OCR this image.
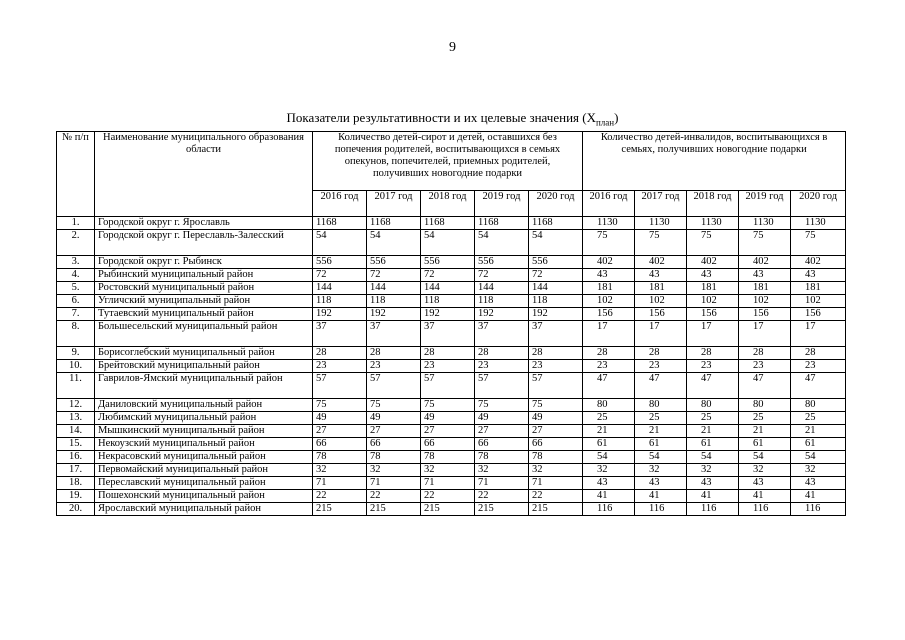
9
Показатели результативности и их целевые значения $(X_{план})$
№ п/п	Наименование муниципального образования области	Количество детей-сирот и детей, оставшихся без попечения родителей, воспитывающихся в семьях опекунов, попечителей, приемных родителей, получивших новогодние подарки					Количество детей-инвалидов, воспитывающихся в семьях, получивших новогодние подарки				
		2016 год	2017 год	2018 год	2019 год	2020 год	2016 год	2017 год	2018 год	2019 год	2020 год
1.	Городской округ г. Ярославль	1168	1168	1168	1168	1168	1130	1130	1130	1130	1130
2.	Городской округ г. Переславль-Залесский	54	54	54	54	54	75	75	75	75	75
3.	Городской округ г. Рыбинск	556	556	556	556	556	402	402	402	402	402
4.	Рыбинский муниципальный район	72	72	72	72	72	43	43	43	43	43
5.	Ростовский муниципальный район	144	144	144	144	144	181	181	181	181	181
6.	Угличский муниципальный район	118	118	118	118	118	102	102	102	102	102
7.	Тутаевский муниципальный район	192	192	192	192	192	156	156	156	156	156
8.	Большесельский муниципальный район	37	37	37	37	37	17	17	17	17	17
9.	Борисоглебский муниципальный район	28	28	28	28	28	28	28	28	28	28
10.	Брейтовский муниципальный район	23	23	23	23	23	23	23	23	23	23
11.	Гаврилов-Ямский муниципальный район	57	57	57	57	57	47	47	47	47	47
12.	Даниловский муниципальный район	75	75	75	75	75	80	80	80	80	80
13.	Любимский муниципальный район	49	49	49	49	49	25	25	25	25	25
14.	Мышкинский муниципальный район	27	27	27	27	27	21	21	21	21	21
15.	Некоузский муниципальный район	66	66	66	66	66	61	61	61	61	61
16.	Некрасовский муниципальный район	78	78	78	78	78	54	54	54	54	54
17.	Первомайский муниципальный район	32	32	32	32	32	32	32	32	32	32
18.	Переславский муниципальный район	71	71	71	71	71	43	43	43	43	43
19.	Пошехонский муниципальный район	22	22	22	22	22	41	41	41	41	41
20.	Ярославский муниципальный район	215	215	215	215	215	116	116	116	116	116
